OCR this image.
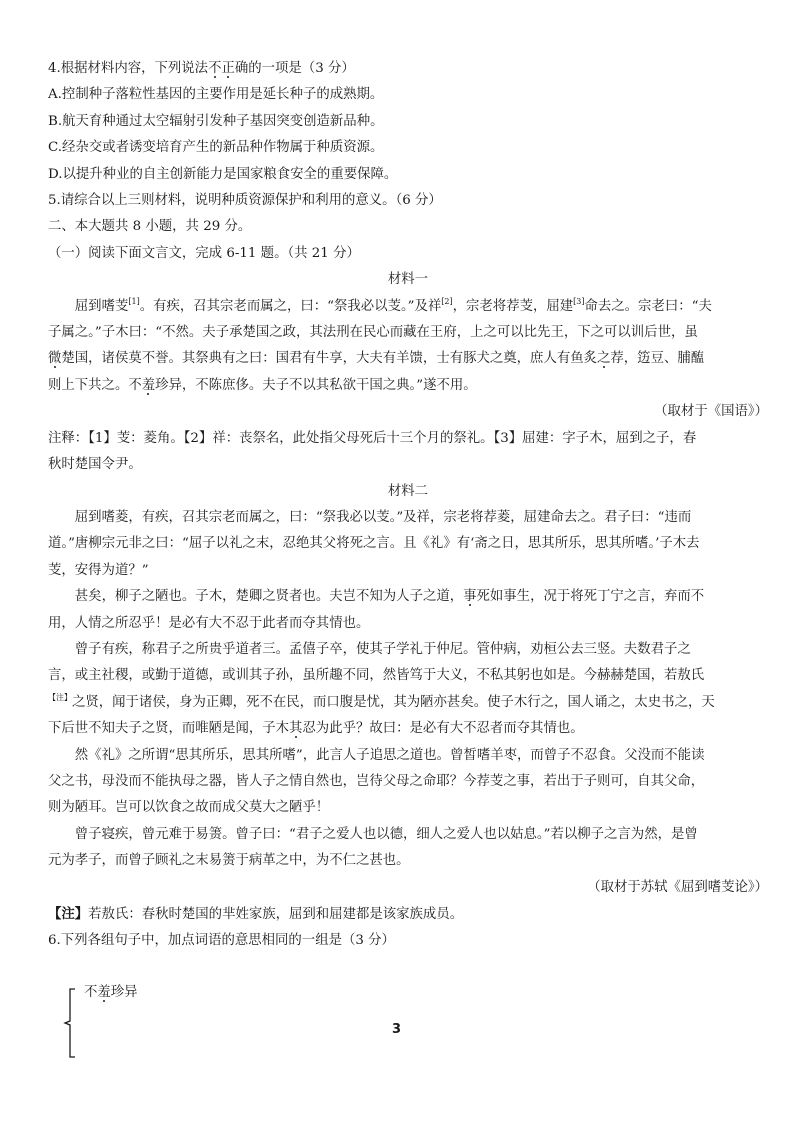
4.根据材料内容，下列说法不正确的一项是（3 分）
A.控制种子落粒性基因的主要作用是延长种子的成熟期。
B.航天育种通过太空辐射引发种子基因突变创造新品种。
C.经杂交或者诱变培育产生的新品种作物属于种质资源。
D.以提升种业的自主创新能力是国家粮食安全的重要保障。
5.请综合以上三则材料，说明种质资源保护和利用的意义。（6 分）
二、本大题共 8 小题，共 29 分。
（一）阅读下面文言文，完成 6-11 题。（共 21 分）
材料一
屈到嗜芰[1]。有疾，召其宗老而属之，曰：“祭我必以芰。”及祥[2]，宗老将荐芰，屈建[3]命去之。宗老曰：“夫
子属之。”子木曰：“不然。夫子承楚国之政，其法刑在民心而藏在王府，上之可以比先王，下之可以训后世，虽
微楚国，诸侯莫不誉。其祭典有之曰：国君有牛享，大夫有羊馈，士有豚犬之奠，庶人有鱼炙之荐，笾豆、脯醢
则上下共之。不羞珍异，不陈庶侈。夫子不以其私欲干国之典。”遂不用。
（取材于《国语》）
注释：【1】芰：菱角。【2】祥：丧祭名，此处指父母死后十三个月的祭礼。【3】屈建：字子木，屈到之子，春
秋时楚国令尹。
材料二
屈到嗜菱，有疾，召其宗老而属之，曰：“祭我必以芰。”及祥，宗老将荐菱，屈建命去之。君子曰：“违而
道。”唐柳宗元非之曰：“屈子以礼之末，忍绝其父将死之言。且《礼》有‘斋之日，思其所乐，思其所嗜。’子木去
芰，安得为道？”
甚矣，柳子之陋也。子木，楚卿之贤者也。夫岂不知为人子之道，事死如事生，况于将死丁宁之言，弃而不
用，人情之所忍乎！是必有大不忍于此者而夺其情也。
曾子有疾，称君子之所贵乎道者三。孟僖子卒，使其子学礼于仲尼。管仲病，劝桓公去三竖。夫数君子之
言，或主社稷，或勤于道德，或训其子孙，虽所趣不同，然皆笃于大义，不私其躬也如是。今赫赫楚国，若敖氏
$^{【注】}$之贤，闻于诸侯，身为正卿，死不在民，而口腹是忧，其为陋亦甚矣。使子木行之，国人诵之，太史书之，天
下后世不知夫子之贤，而唯陋是闻，子木其忍为此乎？故曰：是必有大不忍者而夺其情也。
然《礼》之所谓“思其所乐，思其所嗜”，此言人子追思之道也。曾皙嗜羊枣，而曾子不忍食。父没而不能读
父之书，母没而不能执母之器，皆人子之情自然也，岂待父母之命耶？今荐芰之事，若出于子则可，自其父命，
则为陋耳。岂可以饮食之故而成父莫大之陋乎！
曾子寝疾，曾元难于易箦。曾子曰：“君子之爱人也以德，细人之爱人也以姑息。”若以柳子之言为然，是曾
元为孝子，而曾子顾礼之末易箦于病革之中，为不仁之甚也。
（取材于苏轼《屈到嗜芰论》）
【注】若敖氏：春秋时楚国的芈姓家族，屈到和屈建都是该家族成员。
6.下列各组句子中，加点词语的意思相同的一组是（3 分）
不羞珍异
3
